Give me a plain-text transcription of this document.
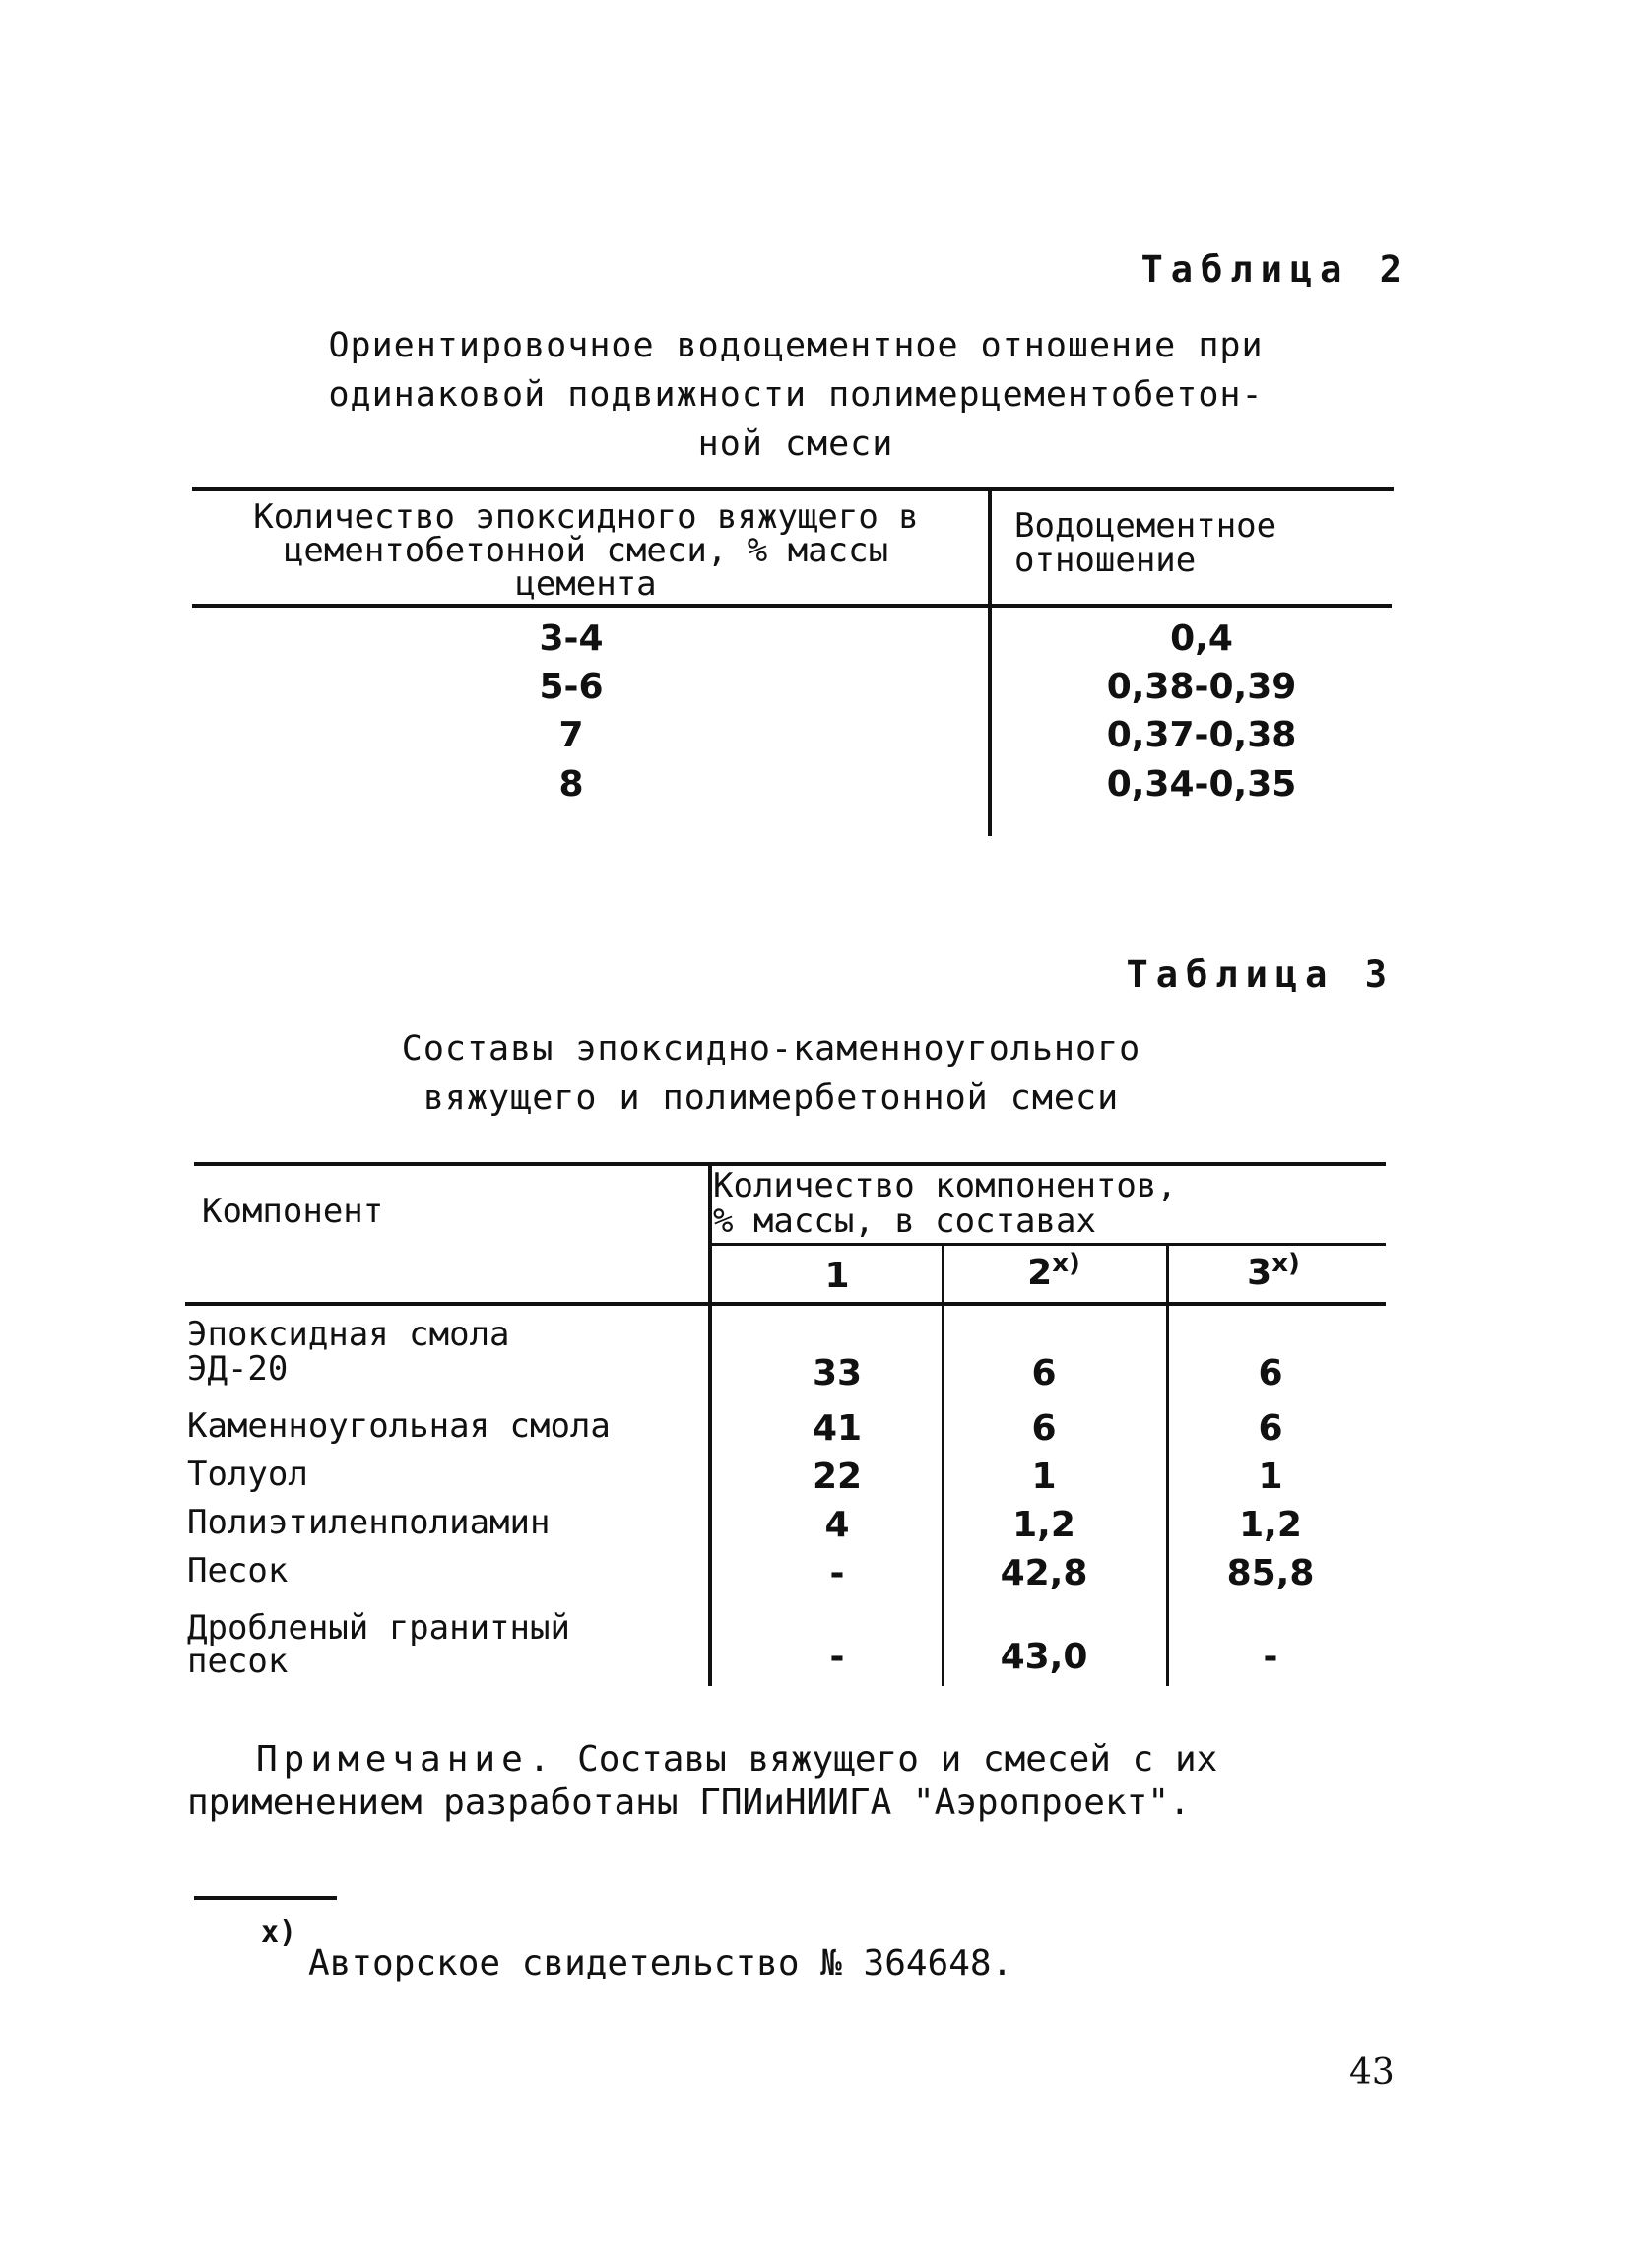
Таблица 2
Ориентировочное водоцементное отношение при
одинаковой подвижности полимерцементобетон-
ной смеси
Количество эпоксидного вяжущего в
цементобетонной смеси, % массы
цемента
Водоцементное
отношение
3-4	0,4
5-6	0,38-0,39
7	0,37-0,38
8	0,34-0,35
Таблица 3
Составы эпоксидно-каменноугольного
вяжущего и полимербетонной смеси
Компонент
Количество компонентов,
% массы, в составах
1	$2^{х)}$	$3^{х)}$
Эпоксидная смола
ЭД-20	33	6	6
Каменноугольная смола	41	6	6
Толуол	22	1	1
Полиэтиленполиамин	4	1,2	1,2
Песок	-	42,8	85,8
Дробленый гранитный
песок	-	43,0	-
Примечание. Составы вяжущего и смесей с их
применением разработаны ГПИиНИИГА "Аэропроект".
х)
Авторское свидетельство № 364648.
43
